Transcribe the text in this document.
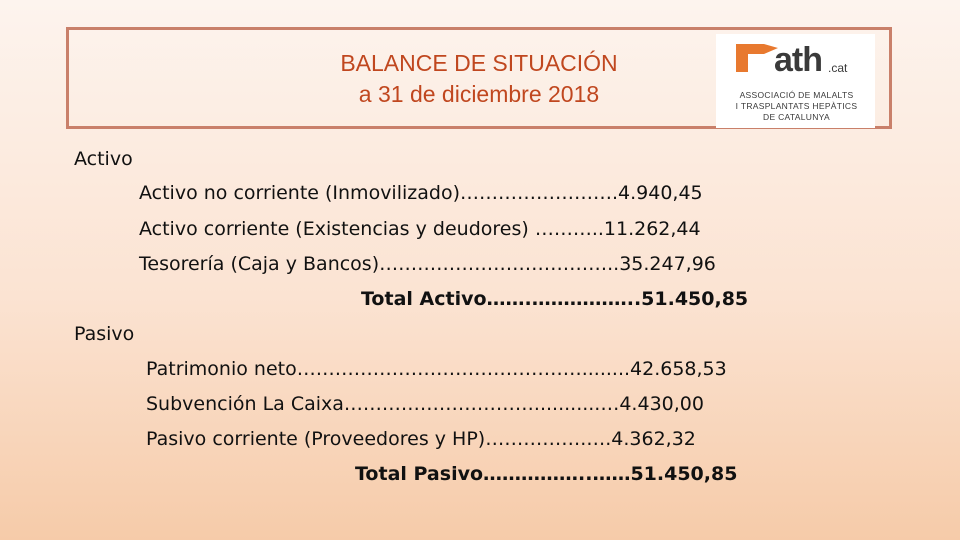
BALANCE DE SITUACIÓN
a 31 de diciembre 2018
ath .cat
ASSOCIACIÓ DE MALALTS
I TRASPLANTATS HEPÀTICS
DE CATALUNYA
Activo
Activo no corriente (Inmovilizado)…………………….4.940,45
Activo corriente (Existencias y deudores) ………..11.262,44
Tesorería (Caja y Bancos)………………………………..35.247,96
Total Activo…….……………..51.450,85
Pasivo
Patrimonio neto………………………………………........42.658,53
Subvención La Caixa…………………………...........…4.430,00
Pasivo corriente (Proveedores y HP)…………….….4.362,32
Total Pasivo……………..……51.450,85
